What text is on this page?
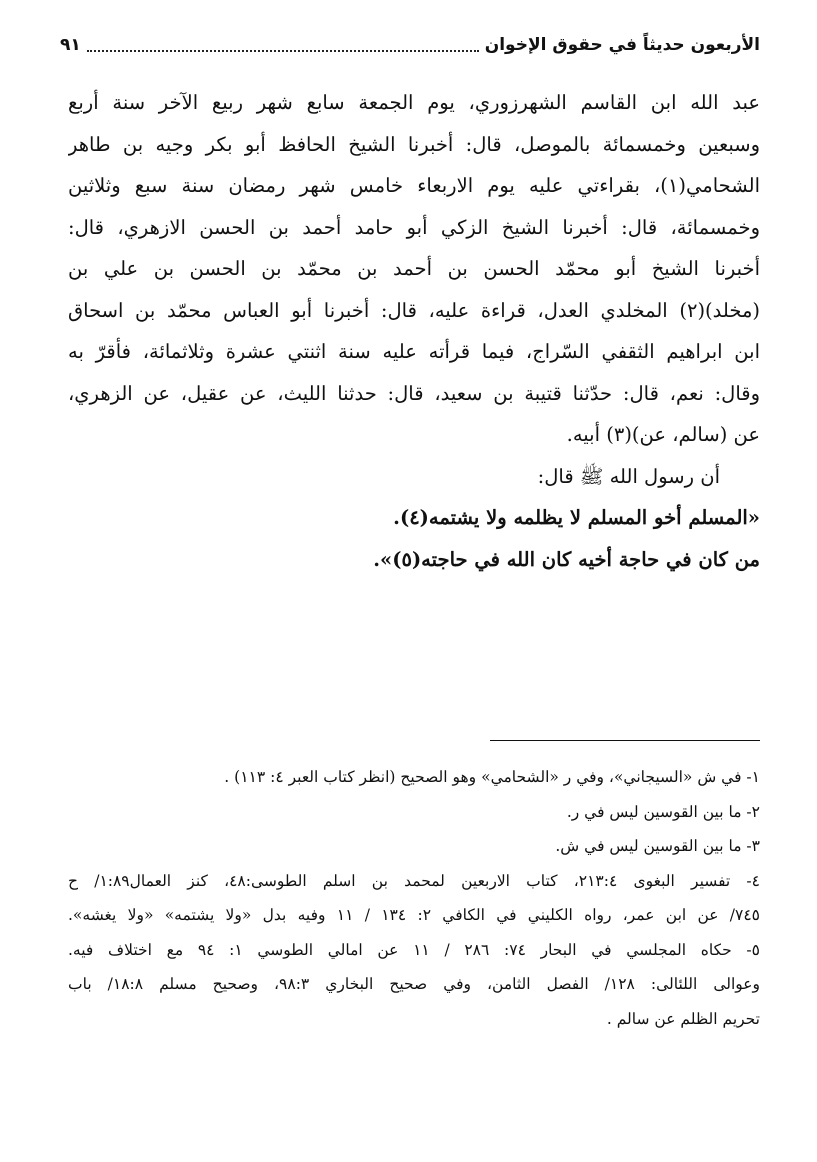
الأربعون حديثاً في حقوق الإخوان
٩١
عبد الله ابن القاسم الشهرزوري، يوم الجمعة سابع شهر ربيع الآخر سنة أربع
وسبعين وخمسمائة بالموصل، قال: أخبرنا الشيخ الحافظ أبو بكر وجيه بن طاهر
الشحامي(١)، بقراءتي عليه يوم الاربعاء خامس شهر رمضان سنة سبع وثلاثين
وخمسمائة، قال: أخبرنا الشيخ الزكي أبو حامد أحمد بن الحسن الازهري، قال:
أخبرنا الشيخ أبو محمّد الحسن بن أحمد بن محمّد بن الحسن بن علي بن
(مخلد)(٢) المخلدي العدل، قراءة عليه، قال: أخبرنا أبو العباس محمّد بن اسحاق
ابن ابراهيم الثقفي السّراج، فيما قرأته عليه سنة اثنتي عشرة وثلاثمائة، فأقرّ به
وقال: نعم، قال: حدّثنا قتيبة بن سعيد، قال: حدثنا الليث، عن عقيل، عن الزهري،
عن (سالم، عن)(٣) أبيه.
أن رسول الله ﷺ قال:
«المسلم أخو المسلم لا يظلمه ولا يشتمه(٤).
من كان في حاجة أخيه كان الله في حاجته(٥)».
١- في ش «السيجاني»، وفي ر «الشحامي» وهو الصحيح (انظر كتاب العبر ٤: ١١٣) .
٢- ما بين القوسين ليس في ر.
٣- ما بين القوسين ليس في ش.
٤- تفسير البغوى ٢١٣:٤، كتاب الاربعين لمحمد بن اسلم الطوسى:٤٨، كنز العمال١:٨٩/ ح
٧٤٥/ عن ابن عمر، رواه الكليني في الكافي ٢: ١٣٤ / ١١ وفيه بدل «ولا يشتمه» «ولا يغشه».
٥- حكاه المجلسي في البحار ٧٤: ٢٨٦ / ١١ عن امالي الطوسي ١: ٩٤ مع اختلاف فيه.
وعوالى اللئالى: ١٢٨/ الفصل الثامن، وفي صحيح البخاري ٩٨:٣، وصحيح مسلم ١٨:٨/ باب
تحريم الظلم عن سالم .
